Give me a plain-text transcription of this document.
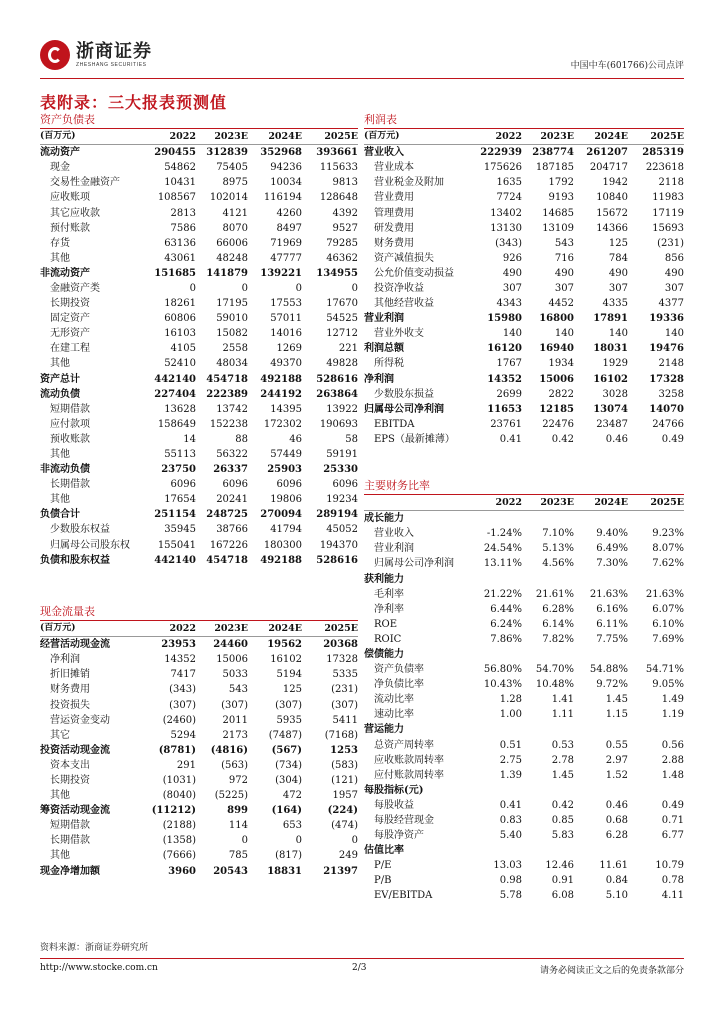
浙商证券
ZHESHANG SECURITIES	中国中车(601766)公司点评
表附录：三大报表预测值
资产负债表
(百万元)	2022	2023E	2024E	2025E
流动资产	290455	312839	352968	393661
现金	54862	75405	94236	115633
交易性金融资产	10431	8975	10034	9813
应收账项	108567	102014	116194	128648
其它应收款	2813	4121	4260	4392
预付账款	7586	8070	8497	9527
存货	63136	66006	71969	79285
其他	43061	48248	47777	46362
非流动资产	151685	141879	139221	134955
金融资产类	0	0	0	0
长期投资	18261	17195	17553	17670
固定资产	60806	59010	57011	54525
无形资产	16103	15082	14016	12712
在建工程	4105	2558	1269	221
其他	52410	48034	49370	49828
资产总计	442140	454718	492188	528616
流动负债	227404	222389	244192	263864
短期借款	13628	13742	14395	13922
应付款项	158649	152238	172302	190693
预收账款	14	88	46	58
其他	55113	56322	57449	59191
非流动负债	23750	26337	25903	25330
长期借款	6096	6096	6096	6096
其他	17654	20241	19806	19234
负债合计	251154	248725	270094	289194
少数股东权益	35945	38766	41794	45052
归属母公司股东权	155041	167226	180300	194370
负债和股东权益	442140	454718	492188	528616
现金流量表
(百万元)	2022	2023E	2024E	2025E
经营活动现金流	23953	24460	19562	20368
净利润	14352	15006	16102	17328
折旧摊销	7417	5033	5194	5335
财务费用	(343)	543	125	(231)
投资损失	(307)	(307)	(307)	(307)
营运资金变动	(2460)	2011	5935	5411
其它	5294	2173	(7487)	(7168)
投资活动现金流	(8781)	(4816)	(567)	1253
资本支出	291	(563)	(734)	(583)
长期投资	(1031)	972	(304)	(121)
其他	(8040)	(5225)	472	1957
筹资活动现金流	(11212)	899	(164)	(224)
短期借款	(2188)	114	653	(474)
长期借款	(1358)	0	0	0
其他	(7666)	785	(817)	249
现金净增加额	3960	20543	18831	21397
利润表
(百万元)	2022	2023E	2024E	2025E
营业收入	222939	238774	261207	285319
营业成本	175626	187185	204717	223618
营业税金及附加	1635	1792	1942	2118
营业费用	7724	9193	10840	11983
管理费用	13402	14685	15672	17119
研发费用	13130	13109	14366	15693
财务费用	(343)	543	125	(231)
资产减值损失	926	716	784	856
公允价值变动损益	490	490	490	490
投资净收益	307	307	307	307
其他经营收益	4343	4452	4335	4377
营业利润	15980	16800	17891	19336
营业外收支	140	140	140	140
利润总额	16120	16940	18031	19476
所得税	1767	1934	1929	2148
净利润	14352	15006	16102	17328
少数股东损益	2699	2822	3028	3258
归属母公司净利润	11653	12185	13074	14070
EBITDA	23761	22476	23487	24766
EPS（最新摊薄）	0.41	0.42	0.46	0.49
主要财务比率
	2022	2023E	2024E	2025E
成长能力				
营业收入	-1.24%	7.10%	9.40%	9.23%
营业利润	24.54%	5.13%	6.49%	8.07%
归属母公司净利润	13.11%	4.56%	7.30%	7.62%
获利能力				
毛利率	21.22%	21.61%	21.63%	21.63%
净利率	6.44%	6.28%	6.16%	6.07%
ROE	6.24%	6.14%	6.11%	6.10%
ROIC	7.86%	7.82%	7.75%	7.69%
偿债能力				
资产负债率	56.80%	54.70%	54.88%	54.71%
净负债比率	10.43%	10.48%	9.72%	9.05%
流动比率	1.28	1.41	1.45	1.49
速动比率	1.00	1.11	1.15	1.19
营运能力				
总资产周转率	0.51	0.53	0.55	0.56
应收账款周转率	2.75	2.78	2.97	2.88
应付账款周转率	1.39	1.45	1.52	1.48
每股指标(元)				
每股收益	0.41	0.42	0.46	0.49
每股经营现金	0.83	0.85	0.68	0.71
每股净资产	5.40	5.83	6.28	6.77
估值比率				
P/E	13.03	12.46	11.61	10.79
P/B	0.98	0.91	0.84	0.78
EV/EBITDA	5.78	6.08	5.10	4.11
资料来源：浙商证券研究所
http://www.stocke.com.cn	2/3	请务必阅读正文之后的免责条款部分
